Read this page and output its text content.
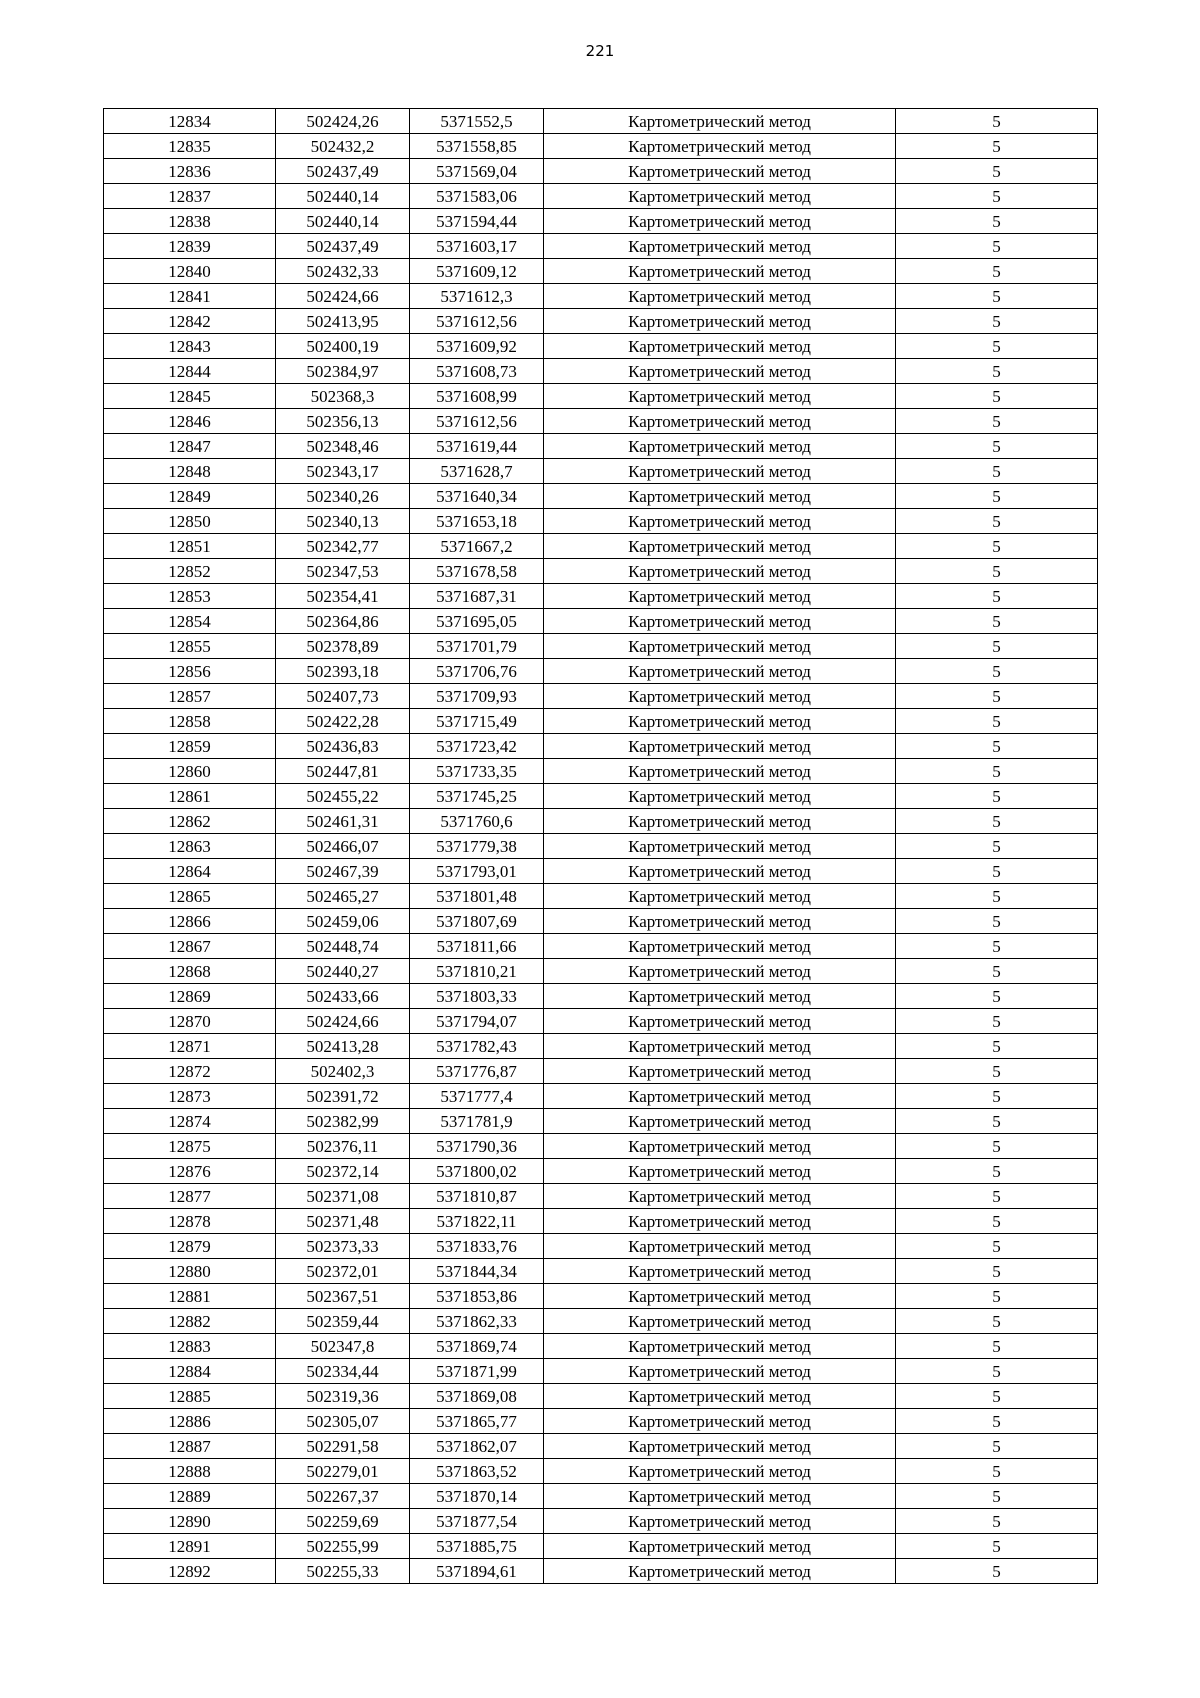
221
12834	502424,26	5371552,5	Картометрический метод	5
12835	502432,2	5371558,85	Картометрический метод	5
12836	502437,49	5371569,04	Картометрический метод	5
12837	502440,14	5371583,06	Картометрический метод	5
12838	502440,14	5371594,44	Картометрический метод	5
12839	502437,49	5371603,17	Картометрический метод	5
12840	502432,33	5371609,12	Картометрический метод	5
12841	502424,66	5371612,3	Картометрический метод	5
12842	502413,95	5371612,56	Картометрический метод	5
12843	502400,19	5371609,92	Картометрический метод	5
12844	502384,97	5371608,73	Картометрический метод	5
12845	502368,3	5371608,99	Картометрический метод	5
12846	502356,13	5371612,56	Картометрический метод	5
12847	502348,46	5371619,44	Картометрический метод	5
12848	502343,17	5371628,7	Картометрический метод	5
12849	502340,26	5371640,34	Картометрический метод	5
12850	502340,13	5371653,18	Картометрический метод	5
12851	502342,77	5371667,2	Картометрический метод	5
12852	502347,53	5371678,58	Картометрический метод	5
12853	502354,41	5371687,31	Картометрический метод	5
12854	502364,86	5371695,05	Картометрический метод	5
12855	502378,89	5371701,79	Картометрический метод	5
12856	502393,18	5371706,76	Картометрический метод	5
12857	502407,73	5371709,93	Картометрический метод	5
12858	502422,28	5371715,49	Картометрический метод	5
12859	502436,83	5371723,42	Картометрический метод	5
12860	502447,81	5371733,35	Картометрический метод	5
12861	502455,22	5371745,25	Картометрический метод	5
12862	502461,31	5371760,6	Картометрический метод	5
12863	502466,07	5371779,38	Картометрический метод	5
12864	502467,39	5371793,01	Картометрический метод	5
12865	502465,27	5371801,48	Картометрический метод	5
12866	502459,06	5371807,69	Картометрический метод	5
12867	502448,74	5371811,66	Картометрический метод	5
12868	502440,27	5371810,21	Картометрический метод	5
12869	502433,66	5371803,33	Картометрический метод	5
12870	502424,66	5371794,07	Картометрический метод	5
12871	502413,28	5371782,43	Картометрический метод	5
12872	502402,3	5371776,87	Картометрический метод	5
12873	502391,72	5371777,4	Картометрический метод	5
12874	502382,99	5371781,9	Картометрический метод	5
12875	502376,11	5371790,36	Картометрический метод	5
12876	502372,14	5371800,02	Картометрический метод	5
12877	502371,08	5371810,87	Картометрический метод	5
12878	502371,48	5371822,11	Картометрический метод	5
12879	502373,33	5371833,76	Картометрический метод	5
12880	502372,01	5371844,34	Картометрический метод	5
12881	502367,51	5371853,86	Картометрический метод	5
12882	502359,44	5371862,33	Картометрический метод	5
12883	502347,8	5371869,74	Картометрический метод	5
12884	502334,44	5371871,99	Картометрический метод	5
12885	502319,36	5371869,08	Картометрический метод	5
12886	502305,07	5371865,77	Картометрический метод	5
12887	502291,58	5371862,07	Картометрический метод	5
12888	502279,01	5371863,52	Картометрический метод	5
12889	502267,37	5371870,14	Картометрический метод	5
12890	502259,69	5371877,54	Картометрический метод	5
12891	502255,99	5371885,75	Картометрический метод	5
12892	502255,33	5371894,61	Картометрический метод	5
